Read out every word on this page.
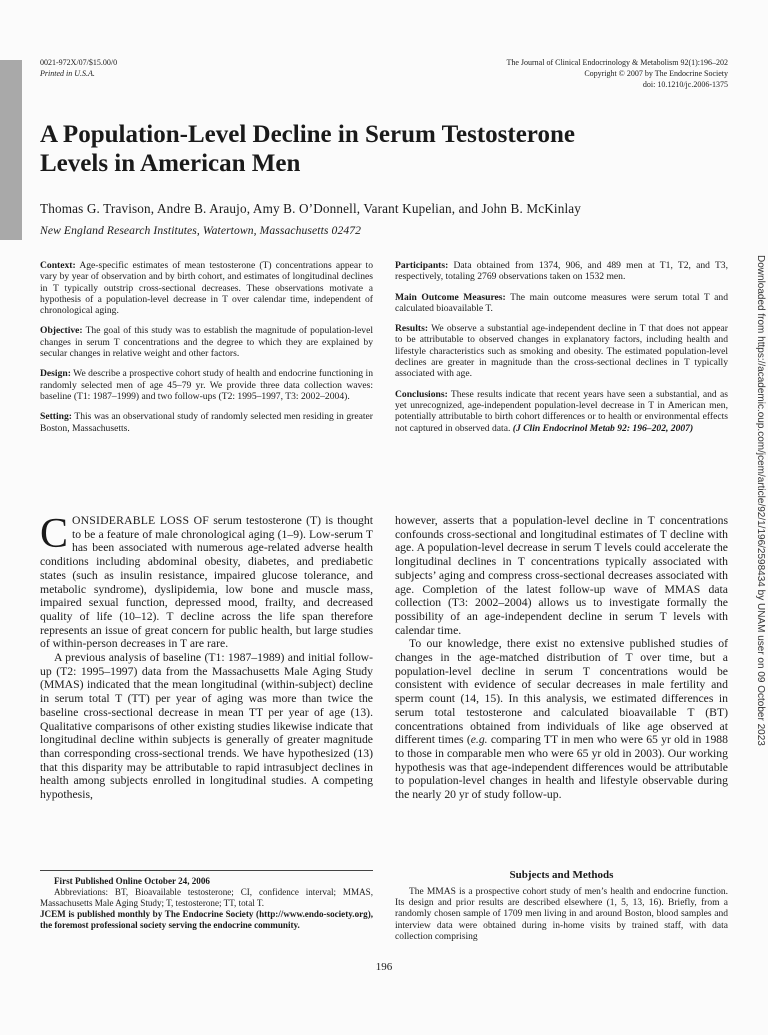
0021-972X/07/$15.00/0
Printed in U.S.A.
The Journal of Clinical Endocrinology & Metabolism 92(1):196–202
Copyright © 2007 by The Endocrine Society
doi: 10.1210/jc.2006-1375
A Population-Level Decline in Serum Testosterone
Levels in American Men
Thomas G. Travison, Andre B. Araujo, Amy B. O’Donnell, Varant Kupelian, and John B. McKinlay
New England Research Institutes, Watertown, Massachusetts 02472

Context: Age-specific estimates of mean testosterone (T) concentrations appear to vary by year of observation and by birth cohort, and estimates of longitudinal declines in T typically outstrip cross-sectional decreases. These observations motivate a hypothesis of a population-level decrease in T over calendar time, independent of chronological aging.

Objective: The goal of this study was to establish the magnitude of population-level changes in serum T concentrations and the degree to which they are explained by secular changes in relative weight and other factors.

Design: We describe a prospective cohort study of health and endocrine functioning in randomly selected men of age 45–79 yr. We provide three data collection waves: baseline (T1: 1987–1999) and two follow-ups (T2: 1995–1997, T3: 2002–2004).

Setting: This was an observational study of randomly selected men residing in greater Boston, Massachusetts.

Participants: Data obtained from 1374, 906, and 489 men at T1, T2, and T3, respectively, totaling 2769 observations taken on 1532 men.

Main Outcome Measures: The main outcome measures were serum total T and calculated bioavailable T.

Results: We observe a substantial age-independent decline in T that does not appear to be attributable to observed changes in explanatory factors, including health and lifestyle characteristics such as smoking and obesity. The estimated population-level declines are greater in magnitude than the cross-sectional declines in T typically associated with age.

Conclusions: These results indicate that recent years have seen a substantial, and as yet unrecognized, age-independent population-level decrease in T in American men, potentially attributable to birth cohort differences or to health or environmental effects not captured in observed data. (J Clin Endocrinol Metab 92: 196–202, 2007)	Downloaded from https://academic.oup.com/jcem/article/92/1/196/2598434 by UNAM user on 09 October 2023

CONSIDERABLE LOSS OF serum testosterone (T) is thought to be a feature of male chronological aging (1–9). Low-serum T has been associated with numerous age-related adverse health conditions including abdominal obesity, diabetes, and prediabetic states (such as insulin resistance, impaired glucose tolerance, and metabolic syndrome), dyslipidemia, low bone and muscle mass, impaired sexual function, depressed mood, frailty, and decreased quality of life (10–12). T decline across the life span therefore represents an issue of great concern for public health, but large studies of within-person decreases in T are rare.

A previous analysis of baseline (T1: 1987–1989) and initial follow-up (T2: 1995–1997) data from the Massachusetts Male Aging Study (MMAS) indicated that the mean longitudinal (within-subject) decline in serum total T (TT) per year of aging was more than twice the baseline cross-sectional decrease in mean TT per year of age (13). Qualitative comparisons of other existing studies likewise indicate that longitudinal decline within subjects is generally of greater magnitude than corresponding cross-sectional trends. We have hypothesized (13) that this disparity may be attributable to rapid intrasubject declines in health among subjects enrolled in longitudinal studies. A competing hypothesis,

however, asserts that a population-level decline in T concentrations confounds cross-sectional and longitudinal estimates of T decline with age. A population-level decrease in serum T levels could accelerate the longitudinal declines in T concentrations typically associated with subjects’ aging and compress cross-sectional decreases associated with age. Completion of the latest follow-up wave of MMAS data collection (T3: 2002–2004) allows us to investigate formally the possibility of an age-independent decline in serum T levels with calendar time.

To our knowledge, there exist no extensive published studies of changes in the age-matched distribution of T over time, but a population-level decline in serum T concentrations would be consistent with evidence of secular decreases in male fertility and sperm count (14, 15). In this analysis, we estimated differences in serum total testosterone and calculated bioavailable T (BT) concentrations obtained from individuals of like age observed at different times (e.g. comparing TT in men who were 65 yr old in 1988 to those in comparable men who were 65 yr old in 2003). Our working hypothesis was that age-independent differences would be attributable to population-level changes in health and lifestyle observable during the nearly 20 yr of study follow-up.

First Published Online October 24, 2006

Abbreviations: BT, Bioavailable testosterone; CI, confidence interval; MMAS, Massachusetts Male Aging Study; T, testosterone; TT, total T.

JCEM is published monthly by The Endocrine Society (http://www.endo-society.org), the foremost professional society serving the endocrine community.

Subjects and Methods

The MMAS is a prospective cohort study of men’s health and endocrine function. Its design and prior results are described elsewhere (1, 5, 13, 16). Briefly, from a randomly chosen sample of 1709 men living in and around Boston, blood samples and interview data were obtained during in-home visits by trained staff, with data collection comprising

196
